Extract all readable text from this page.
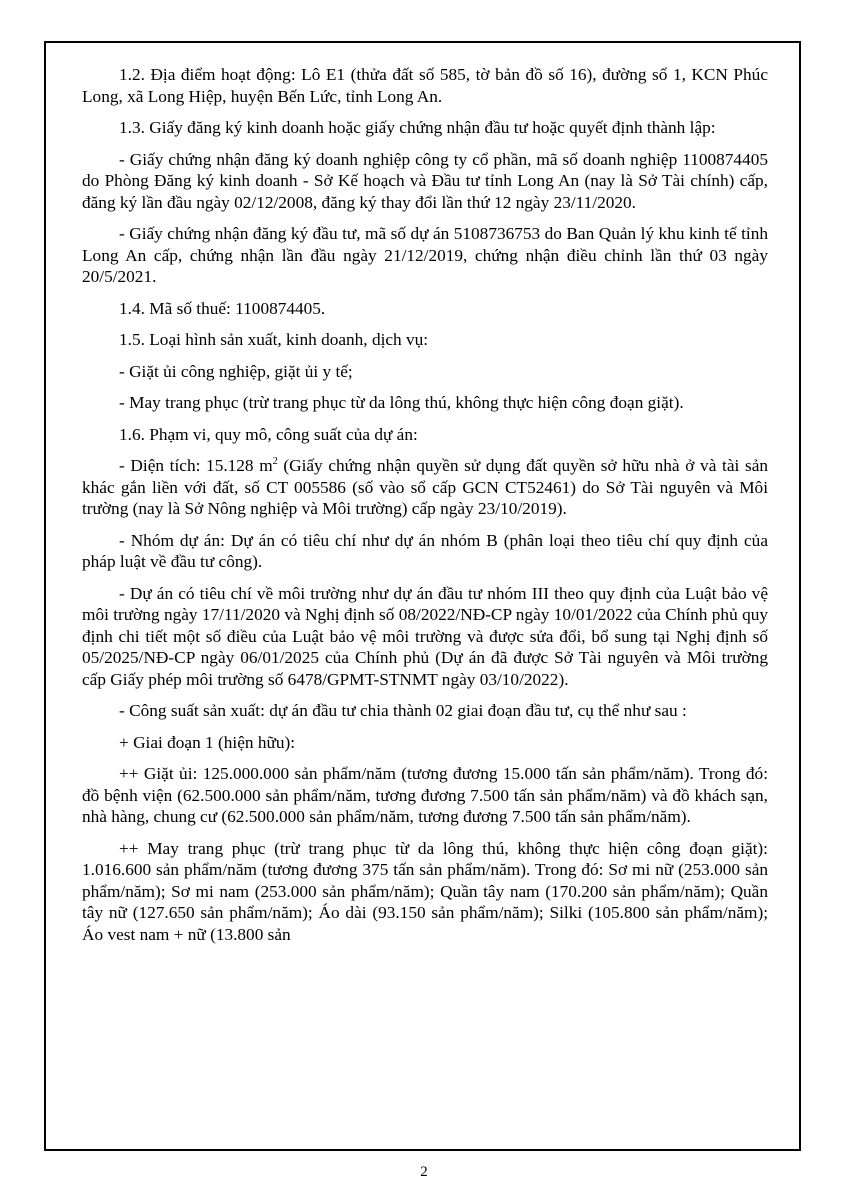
1.2. Địa điểm hoạt động: Lô E1 (thửa đất số 585, tờ bản đồ số 16), đường số 1, KCN Phúc Long, xã Long Hiệp, huyện Bến Lức, tỉnh Long An.

1.3. Giấy đăng ký kinh doanh hoặc giấy chứng nhận đầu tư hoặc quyết định thành lập:

- Giấy chứng nhận đăng ký doanh nghiệp công ty cổ phần, mã số doanh nghiệp 1100874405 do Phòng Đăng ký kinh doanh - Sở Kế hoạch và Đầu tư tỉnh Long An (nay là Sở Tài chính) cấp, đăng ký lần đầu ngày 02/12/2008, đăng ký thay đổi lần thứ 12 ngày 23/11/2020.

- Giấy chứng nhận đăng ký đầu tư, mã số dự án 5108736753 do Ban Quản lý khu kinh tế tỉnh Long An cấp, chứng nhận lần đầu ngày 21/12/2019, chứng nhận điều chỉnh lần thứ 03 ngày 20/5/2021.

1.4. Mã số thuế: 1100874405.

1.5. Loại hình sản xuất, kinh doanh, dịch vụ:

- Giặt ủi công nghiệp, giặt ủi y tế;

- May trang phục (trừ trang phục từ da lông thú, không thực hiện công đoạn giặt).

1.6. Phạm vi, quy mô, công suất của dự án:

- Diện tích: 15.128 $m^2$ (Giấy chứng nhận quyền sử dụng đất quyền sở hữu nhà ở và tài sản khác gắn liền với đất, số CT 005586 (số vào sổ cấp GCN CT52461) do Sở Tài nguyên và Môi trường (nay là Sở Nông nghiệp và Môi trường) cấp ngày 23/10/2019).

- Nhóm dự án: Dự án có tiêu chí như dự án nhóm B (phân loại theo tiêu chí quy định của pháp luật về đầu tư công).

- Dự án có tiêu chí về môi trường như dự án đầu tư nhóm III theo quy định của Luật bảo vệ môi trường ngày 17/11/2020 và Nghị định số 08/2022/NĐ-CP ngày 10/01/2022 của Chính phủ quy định chi tiết một số điều của Luật bảo vệ môi trường và được sửa đổi, bổ sung tại Nghị định số 05/2025/NĐ-CP ngày 06/01/2025 của Chính phủ (Dự án đã được Sở Tài nguyên và Môi trường cấp Giấy phép môi trường số 6478/GPMT-STNMT ngày 03/10/2022).

- Công suất sản xuất: dự án đầu tư chia thành 02 giai đoạn đầu tư, cụ thể như sau :

+ Giai đoạn 1 (hiện hữu):

++ Giặt ủi: 125.000.000 sản phẩm/năm (tương đương 15.000 tấn sản phẩm/năm). Trong đó: đồ bệnh viện (62.500.000 sản phẩm/năm, tương đương 7.500 tấn sản phẩm/năm) và đồ khách sạn, nhà hàng, chung cư (62.500.000 sản phẩm/năm, tương đương 7.500 tấn sản phẩm/năm).

++ May trang phục (trừ trang phục từ da lông thú, không thực hiện công đoạn giặt): 1.016.600 sản phẩm/năm (tương đương 375 tấn sản phẩm/năm). Trong đó: Sơ mi nữ (253.000 sản phẩm/năm); Sơ mi nam (253.000 sản phẩm/năm); Quần tây nam (170.200 sản phẩm/năm); Quần tây nữ (127.650 sản phẩm/năm); Áo dài (93.150 sản phẩm/năm); Silki (105.800 sản phẩm/năm); Áo vest nam + nữ (13.800 sản

2
